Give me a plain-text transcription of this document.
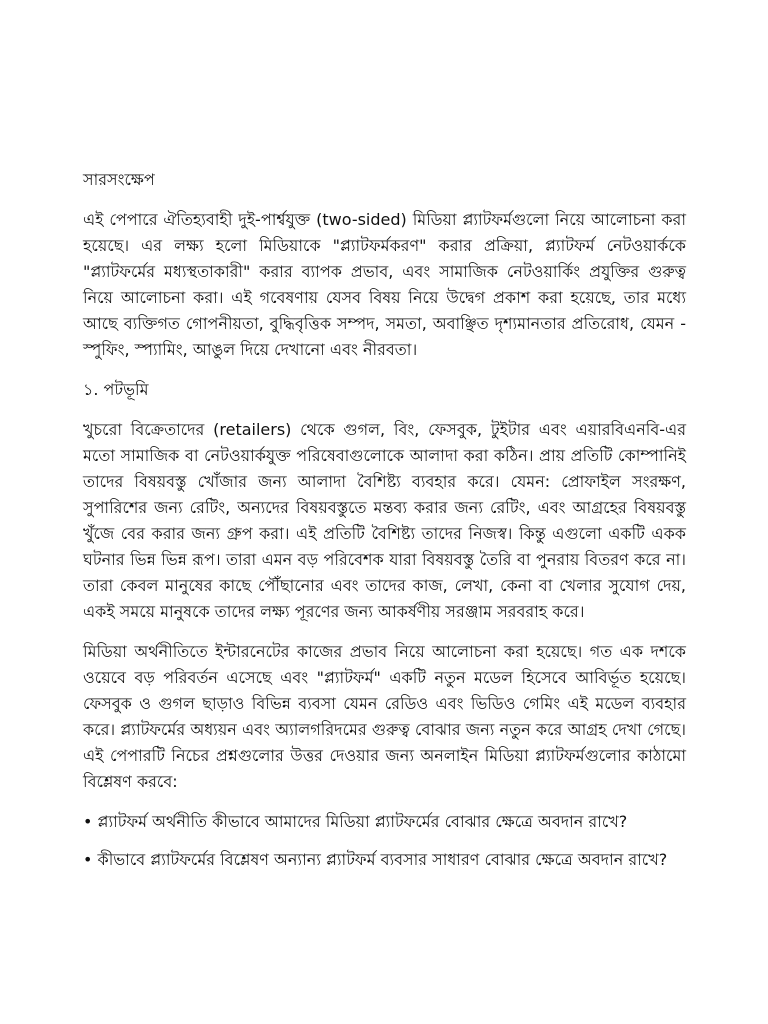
সারসংক্ষেপ

এই পেপারে ঐতিহ্যবাহী দুই-পার্শ্বযুক্ত (two-sided) মিডিয়া প্ল্যাটফর্মগুলো নিয়ে আলোচনা করা হয়েছে। এর লক্ষ্য হলো মিডিয়াকে "প্ল্যাটফর্মকরণ" করার প্রক্রিয়া, প্ল্যাটফর্ম নেটওয়ার্ককে "প্ল্যাটফর্মের মধ্যস্থতাকারী" করার ব্যাপক প্রভাব, এবং সামাজিক নেটওয়ার্কিং প্রযুক্তির গুরুত্ব নিয়ে আলোচনা করা। এই গবেষণায় যেসব বিষয় নিয়ে উদ্বেগ প্রকাশ করা হয়েছে, তার মধ্যে আছে ব্যক্তিগত গোপনীয়তা, বুদ্ধিবৃত্তিক সম্পদ, সমতা, অবাঞ্ছিত দৃশ্যমানতার প্রতিরোধ, যেমন - স্পুফিং, স্প্যামিং, আঙুল দিয়ে দেখানো এবং নীরবতা।

১. পটভূমি

খুচরো বিক্রেতাদের (retailers) থেকে গুগল, বিং, ফেসবুক, টুইটার এবং এয়ারবিএনবি-এর মতো সামাজিক বা নেটওয়ার্কযুক্ত পরিষেবাগুলোকে আলাদা করা কঠিন। প্রায় প্রতিটি কোম্পানিই তাদের বিষয়বস্তু খোঁজার জন্য আলাদা বৈশিষ্ট্য ব্যবহার করে। যেমন: প্রোফাইল সংরক্ষণ, সুপারিশের জন্য রেটিং, অন্যদের বিষয়বস্তুতে মন্তব্য করার জন্য রেটিং, এবং আগ্রহের বিষয়বস্তু খুঁজে বের করার জন্য গ্রুপ করা। এই প্রতিটি বৈশিষ্ট্য তাদের নিজস্ব। কিন্তু এগুলো একটি একক ঘটনার ভিন্ন ভিন্ন রূপ। তারা এমন বড় পরিবেশক যারা বিষয়বস্তু তৈরি বা পুনরায় বিতরণ করে না। তারা কেবল মানুষের কাছে পৌঁছানোর এবং তাদের কাজ, লেখা, কেনা বা খেলার সুযোগ দেয়, একই সময়ে মানুষকে তাদের লক্ষ্য পূরণের জন্য আকর্ষণীয় সরঞ্জাম সরবরাহ করে।

মিডিয়া অর্থনীতিতে ইন্টারনেটের কাজের প্রভাব নিয়ে আলোচনা করা হয়েছে। গত এক দশকে ওয়েবে বড় পরিবর্তন এসেছে এবং "প্ল্যাটফর্ম" একটি নতুন মডেল হিসেবে আবির্ভূত হয়েছে। ফেসবুক ও গুগল ছাড়াও বিভিন্ন ব্যবসা যেমন রেডিও এবং ভিডিও গেমিং এই মডেল ব্যবহার করে। প্ল্যাটফর্মের অধ্যয়ন এবং অ্যালগরিদমের গুরুত্ব বোঝার জন্য নতুন করে আগ্রহ দেখা গেছে। এই পেপারটি নিচের প্রশ্নগুলোর উত্তর দেওয়ার জন্য অনলাইন মিডিয়া প্ল্যাটফর্মগুলোর কাঠামো বিশ্লেষণ করবে:

• প্ল্যাটফর্ম অর্থনীতি কীভাবে আমাদের মিডিয়া প্ল্যাটফর্মের বোঝার ক্ষেত্রে অবদান রাখে?

• কীভাবে প্ল্যাটফর্মের বিশ্লেষণ অন্যান্য প্ল্যাটফর্ম ব্যবসার সাধারণ বোঝার ক্ষেত্রে অবদান রাখে?
